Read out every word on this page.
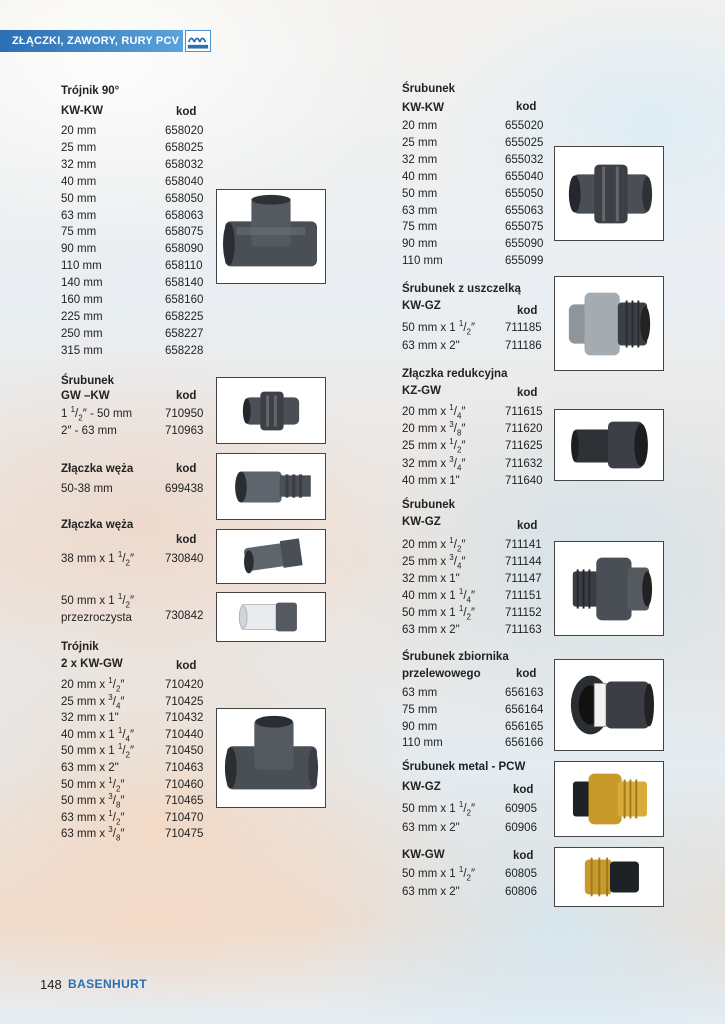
ZŁĄCZKI, ZAWORY, RURY PCV
Trójnik 90°
KW-KW	kod
20 mm	658020
25 mm	658025
32 mm	658032
40 mm	658040
50 mm	658050
63 mm	658063
75 mm	658075
90 mm	658090
110 mm	658110
140 mm	658140
160 mm	658160
225 mm	658225
250 mm	658227
315 mm	658228
Śrubunek
GW –KW	kod
1 $^1/_2'' - 50$ mm	710950
2″ - 63 mm	710963
Złączka węża	kod
50-38 mm	699438
Złączka węża
kod
38 mm x 1 $^1/_2''$	730840
50 mm x 1 $^1/_2''$
przezroczysta	730842
Trójnik
2 x KW-GW	kod
20 mm x $^1/_2''$	710420
25 mm x $^3/_4''$	710425
32 mm x 1"	710432
40 mm x 1 $^1/_4''$	710440
50 mm x 1 $^1/_2''$	710450
63 mm x 2"	710463
50 mm x $^1/_2''$	710460
50 mm x $^3/_8''$	710465
63 mm x $^1/_2''$	710470
63 mm x $^3/_8''$	710475
Śrubunek
KW-KW	kod
20 mm	655020
25 mm	655025
32 mm	655032
40 mm	655040
50 mm	655050
63 mm	655063
75 mm	655075
90 mm	655090
110 mm	655099
Śrubunek z uszczelką
KW-GZ	kod
50 mm x 1 $^1/_2''$	711185
63 mm x 2"	711186
Złączka redukcyjna
KZ-GW	kod
20 mm x $^1/_4''$	711615
20 mm x $^3/_8''$	711620
25 mm x $^1/_2''$	711625
32 mm x $^3/_4''$	711632
40 mm x 1"	711640
Śrubunek
KW-GZ	kod
20 mm x $^1/_2''$	711141
25 mm x $^3/_4''$	711144
32 mm x 1"	711147
40 mm x 1 $^1/_4''$	711151
50 mm x 1 $^1/_2''$	711152
63 mm x 2"	711163
Śrubunek zbiornika
przelewowego	kod
63 mm	656163
75 mm	656164
90 mm	656165
110 mm	656166
Śrubunek metal - PCW
KW-GZ	kod
50 mm x 1 $^1/_2''$	60905
63 mm x 2"	60906
KW-GW	kod
50 mm x 1 $^1/_2''$	60805
63 mm x 2"	60806
148 BASENHURT
